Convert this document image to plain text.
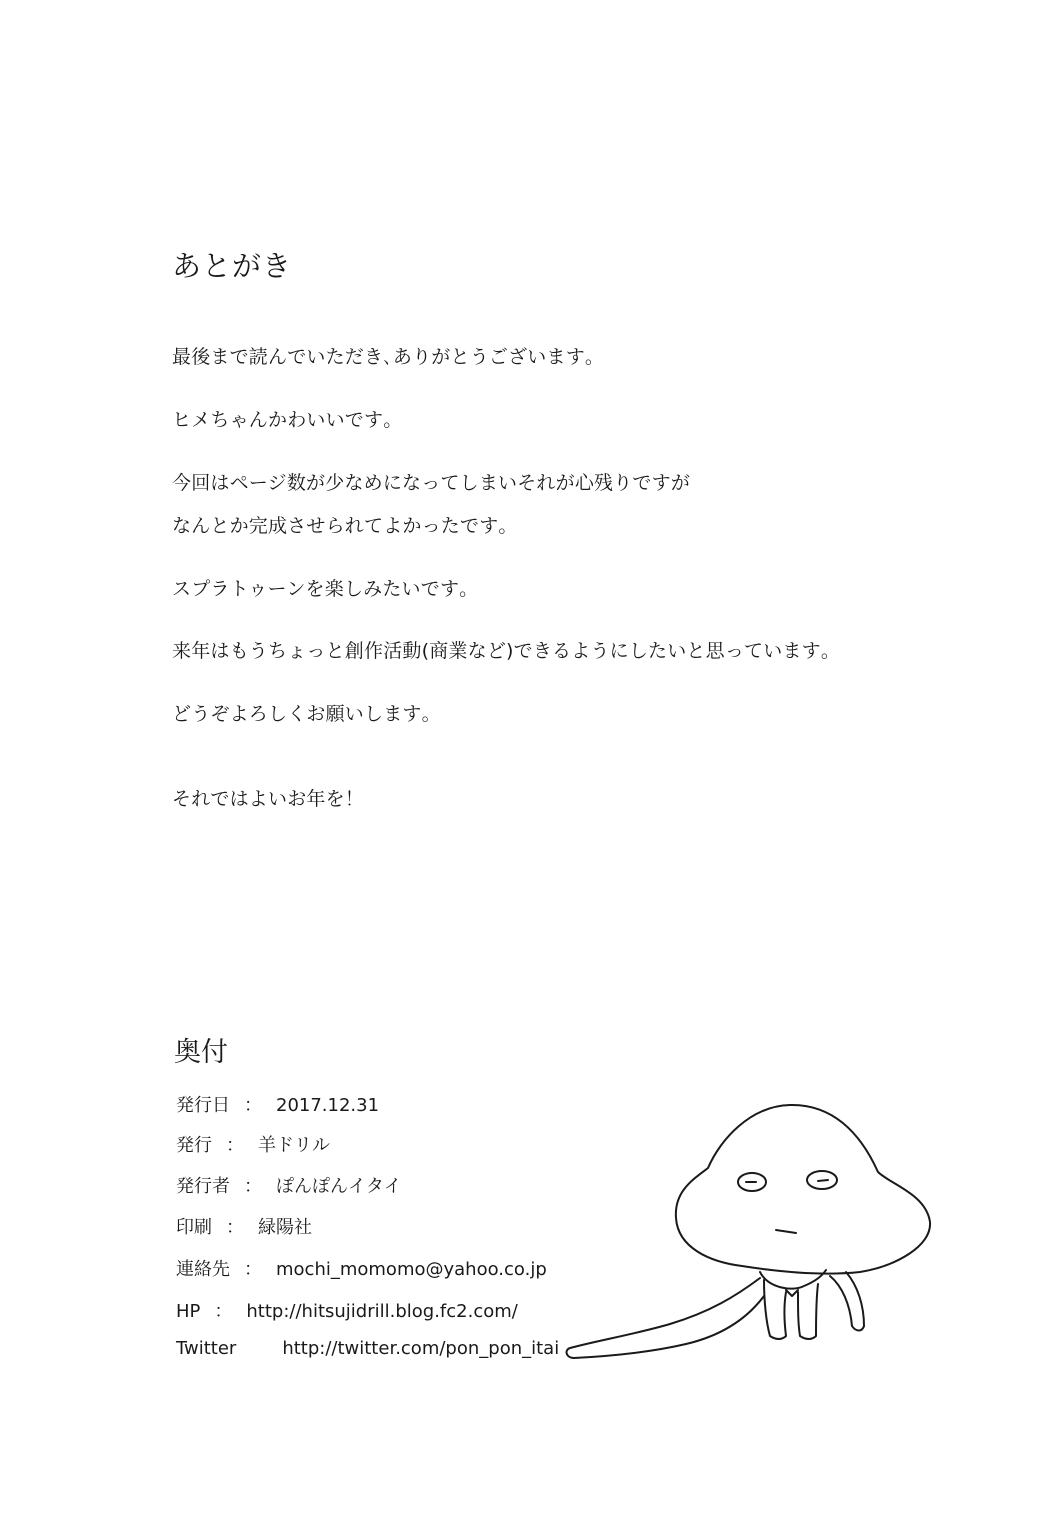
あとがき
最後まで読んでいただき､ありがとうございます｡
ヒメちゃんかわいいです｡
今回はページ数が少なめになってしまいそれが心残りですが
なんとか完成させられてよかったです｡
スプラトゥーンを楽しみたいです｡
来年はもうちょっと創作活動(商業など)できるようにしたいと思っています｡
どうぞよろしくお願いします｡
それではよいお年を！
奥付
発行日 ： 2017.12.31
発行 ： 羊ドリル
発行者 ： ぽんぽんイタイ
印刷 ： 緑陽社
連絡先 ： mochi_momomo@yahoo.co.jp
HP ： http://hitsujidrill.blog.fc2.com/
Twitter	http://twitter.com/pon_pon_itai
